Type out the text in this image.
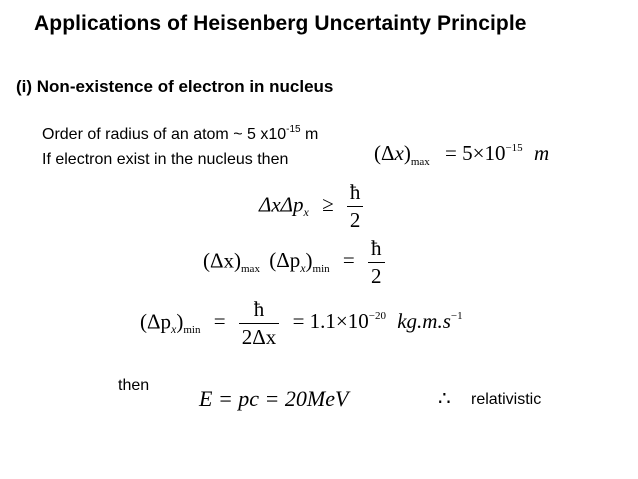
Applications of Heisenberg Uncertainty Principle
(i) Non-existence of electron in nucleus
Order of radius of an atom ~ 5 $x10^{-15}$ m
If electron exist in the nucleus then	$(\Delta x)_{max} = 5\times 10^{-15}$ m
$\Delta x\Delta p_x \ge \frac{ħ}{2}$
$(\Delta x)_{max}$ $(\Delta p_x)_{min} = \frac{ħ}{2}$
$(\Delta p_x)_{min} = \frac{ħ}{2\Delta x} = 1.1\times 10^{-20}$ $kg.m.s^{-1}$
then
E = pc = 20MeV	∴ relativistic
